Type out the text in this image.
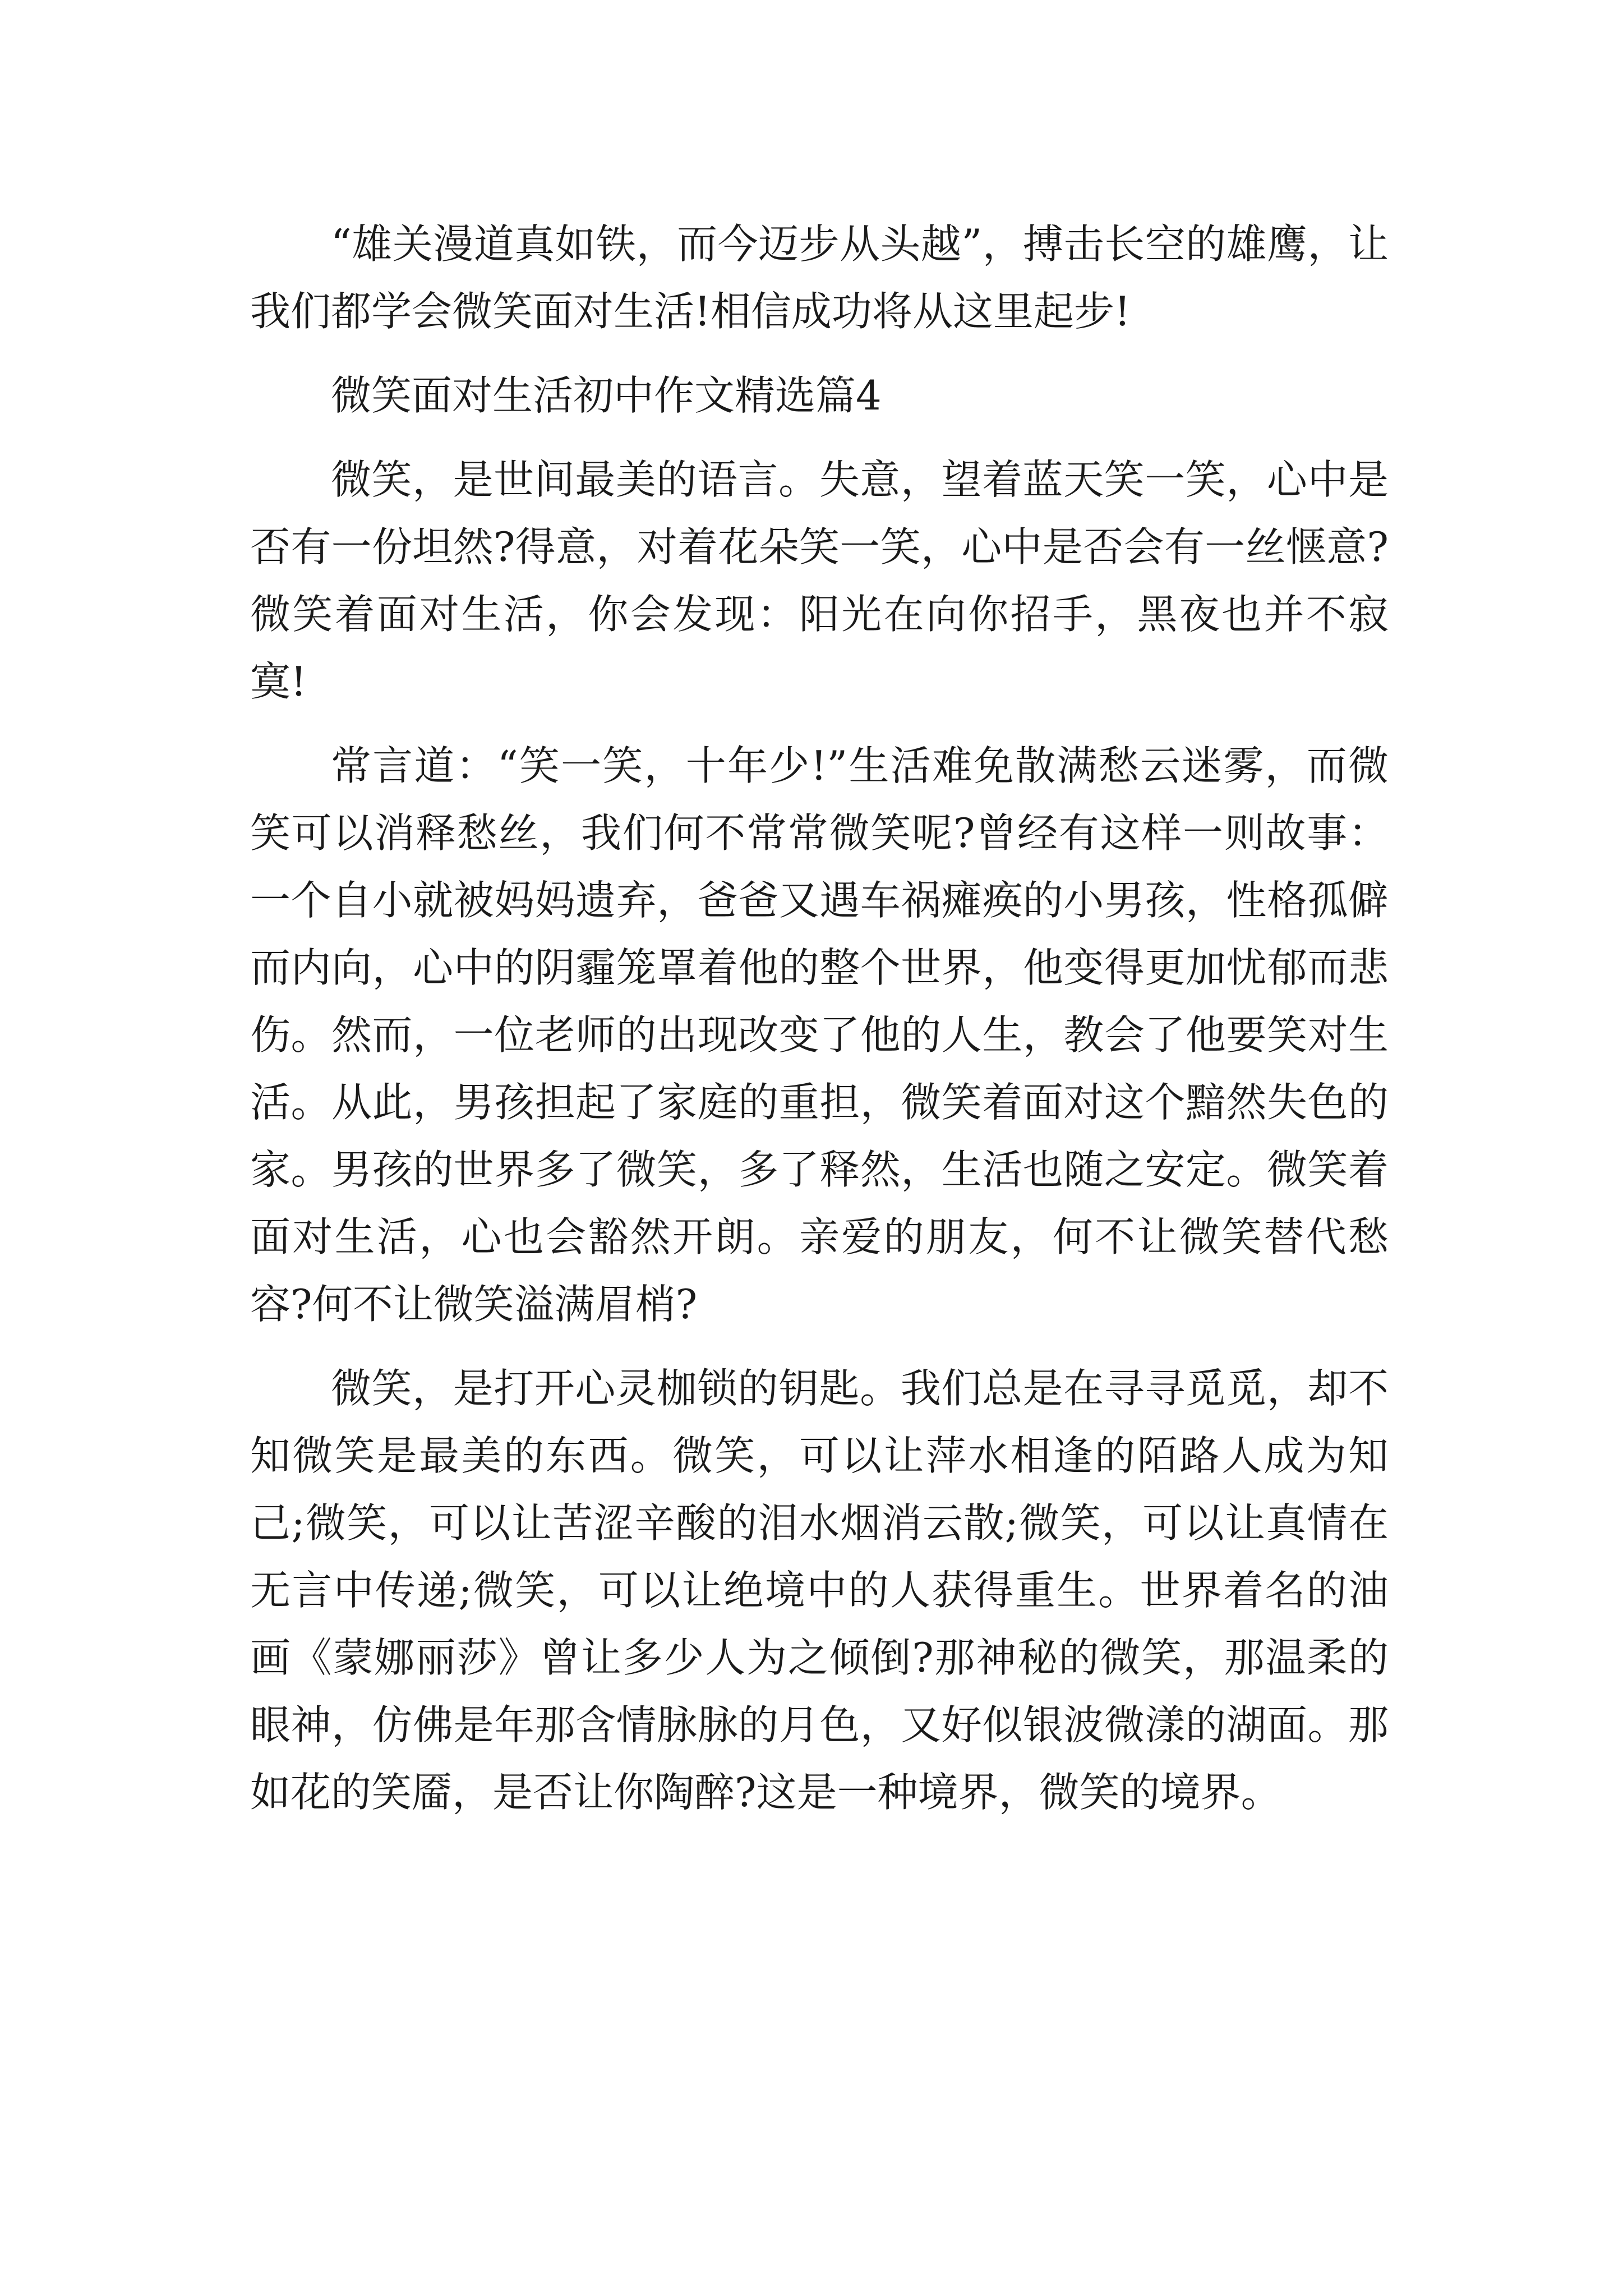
“雄关漫道真如铁，而今迈步从头越”，搏击长空的雄鹰，让我们都学会微笑面对生活!相信成功将从这里起步!

微笑面对生活初中作文精选篇4

微笑，是世间最美的语言。失意，望着蓝天笑一笑，心中是否有一份坦然?得意，对着花朵笑一笑，心中是否会有一丝惬意?微笑着面对生活，你会发现：阳光在向你招手，黑夜也并不寂寞!

常言道：“笑一笑，十年少!”生活难免散满愁云迷雾，而微笑可以消释愁丝，我们何不常常微笑呢?曾经有这样一则故事：一个自小就被妈妈遗弃，爸爸又遇车祸瘫痪的小男孩，性格孤僻而内向，心中的阴霾笼罩着他的整个世界，他变得更加忧郁而悲伤。然而，一位老师的出现改变了他的人生，教会了他要笑对生活。从此，男孩担起了家庭的重担，微笑着面对这个黯然失色的家。男孩的世界多了微笑，多了释然，生活也随之安定。微笑着面对生活，心也会豁然开朗。亲爱的朋友，何不让微笑替代愁容?何不让微笑溢满眉梢?

微笑，是打开心灵枷锁的钥匙。我们总是在寻寻觅觅，却不知微笑是最美的东西。微笑，可以让萍水相逢的陌路人成为知己;微笑，可以让苦涩辛酸的泪水烟消云散;微笑，可以让真情在无言中传递;微笑，可以让绝境中的人获得重生。世界着名的油画《蒙娜丽莎》曾让多少人为之倾倒?那神秘的微笑，那温柔的眼神，仿佛是年那含情脉脉的月色，又好似银波微漾的湖面。那如花的笑靥，是否让你陶醉?这是一种境界，微笑的境界。
